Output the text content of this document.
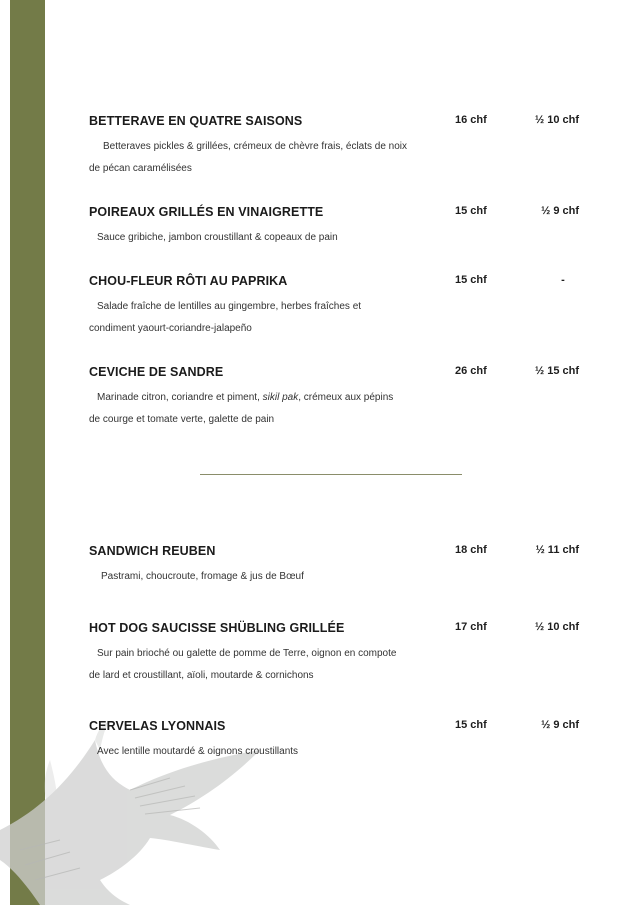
BETTERAVE EN QUATRE SAISONS	16 chf	½ 10 chf
Betteraves pickles & grillées, crémeux de chèvre frais, éclats de noix
de pécan caramélisées
POIREAUX GRILLÉS EN VINAIGRETTE	15 chf	½ 9 chf
Sauce gribiche, jambon croustillant & copeaux de pain
CHOU-FLEUR RÔTI AU PAPRIKA	15 chf	-
Salade fraîche de lentilles au gingembre, herbes fraîches et
condiment yaourt-coriandre-jalapeño
CEVICHE DE SANDRE	26 chf	½ 15 chf
Marinade citron, coriandre et piment, sikil pak, crémeux aux pépins
de courge et tomate verte, galette de pain
SANDWICH REUBEN	18 chf	½ 11 chf
Pastrami, choucroute, fromage & jus de Bœuf
HOT DOG SAUCISSE SHÜBLING GRILLÉE	17 chf	½ 10 chf
Sur pain brioché ou galette de pomme de Terre, oignon en compote
de lard et croustillant, aïoli, moutarde & cornichons
CERVELAS LYONNAIS	15 chf	½ 9 chf
Avec lentille moutardé & oignons croustillants
